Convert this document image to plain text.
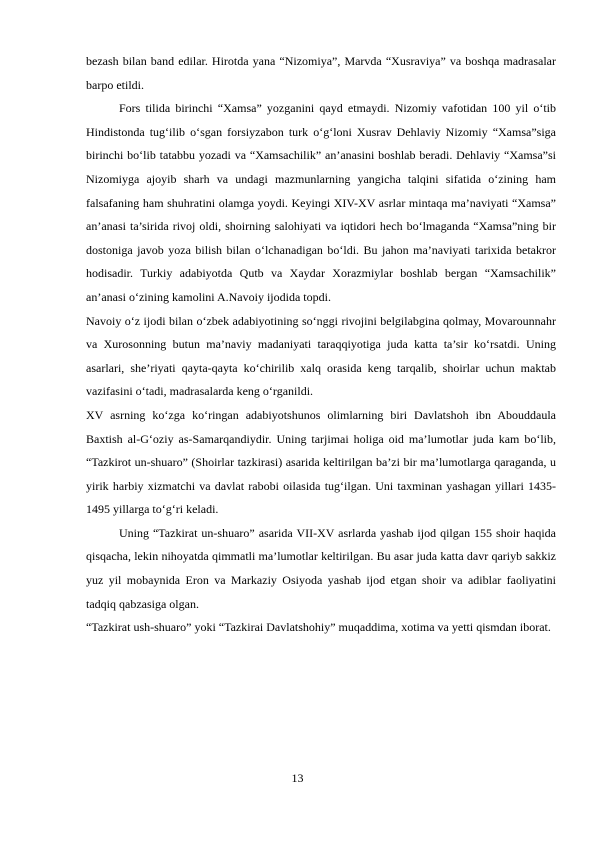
bezash bilan band edilar. Hirotda yana “Nizomiya”, Marvda “Xusraviya” va boshqa madrasalar barpo etildi.

Fors tilida birinchi “Xamsa” yozganini qayd etmaydi. Nizomiy vafotidan 100 yil o‘tib Hindistonda tug‘ilib o‘sgan forsiyzabon turk o‘g‘loni Xusrav Dehlaviy Nizomiy “Xamsa”siga birinchi bo‘lib tatabbu yozadi va “Xamsachilik” an’anasini boshlab beradi. Dehlaviy “Xamsa”si Nizomiyga ajoyib sharh va undagi mazmunlarning yangicha talqini sifatida o‘zining ham falsafaning ham shuhratini olamga yoydi. Keyingi XIV-XV asrlar mintaqa ma’naviyati “Xamsa” an’anasi ta’sirida rivoj oldi, shoirning salohiyati va iqtidori hech bo‘lmaganda “Xamsa”ning bir dostoniga javob yoza bilish bilan o‘lchanadigan bo‘ldi. Bu jahon ma’naviyati tarixida betakror hodisadir. Turkiy adabiyotda Qutb va Xaydar Xorazmiylar boshlab bergan “Xamsachilik” an’anasi o‘zining kamolini A.Navoiy ijodida topdi.

Navoiy o‘z ijodi bilan o‘zbek adabiyotining so‘nggi rivojini belgilabgina qolmay, Movarounnahr va Xurosonning butun ma’naviy madaniyati taraqqiyotiga juda katta ta’sir ko‘rsatdi. Uning asarlari, she’riyati qayta-qayta ko‘chirilib xalq orasida keng tarqalib, shoirlar uchun maktab vazifasini o‘tadi, madrasalarda keng o‘rganildi.

XV asrning ko‘zga ko‘ringan adabiyotshunos olimlarning biri Davlatshoh ibn Abouddaula Baxtish al-G‘oziy as-Samarqandiydir. Uning tarjimai holiga oid ma’lumotlar juda kam bo‘lib, “Tazkirot un-shuaro” (Shoirlar tazkirasi) asarida keltirilgan ba’zi bir ma’lumotlarga qaraganda, u yirik harbiy xizmatchi va davlat rabobi oilasida tug‘ilgan. Uni taxminan yashagan yillari 1435-1495 yillarga to‘g‘ri keladi.

Uning “Tazkirat un-shuaro” asarida VII-XV asrlarda yashab ijod qilgan 155 shoir haqida qisqacha, lekin nihoyatda qimmatli ma’lumotlar keltirilgan. Bu asar juda katta davr qariyb sakkiz yuz yil mobaynida Eron va Markaziy Osiyoda yashab ijod etgan shoir va adiblar faoliyatini tadqiq qabzasiga olgan.

“Tazkirat ush-shuaro” yoki “Tazkirai Davlatshohiy” muqaddima, xotima va yetti qismdan iborat.

13
